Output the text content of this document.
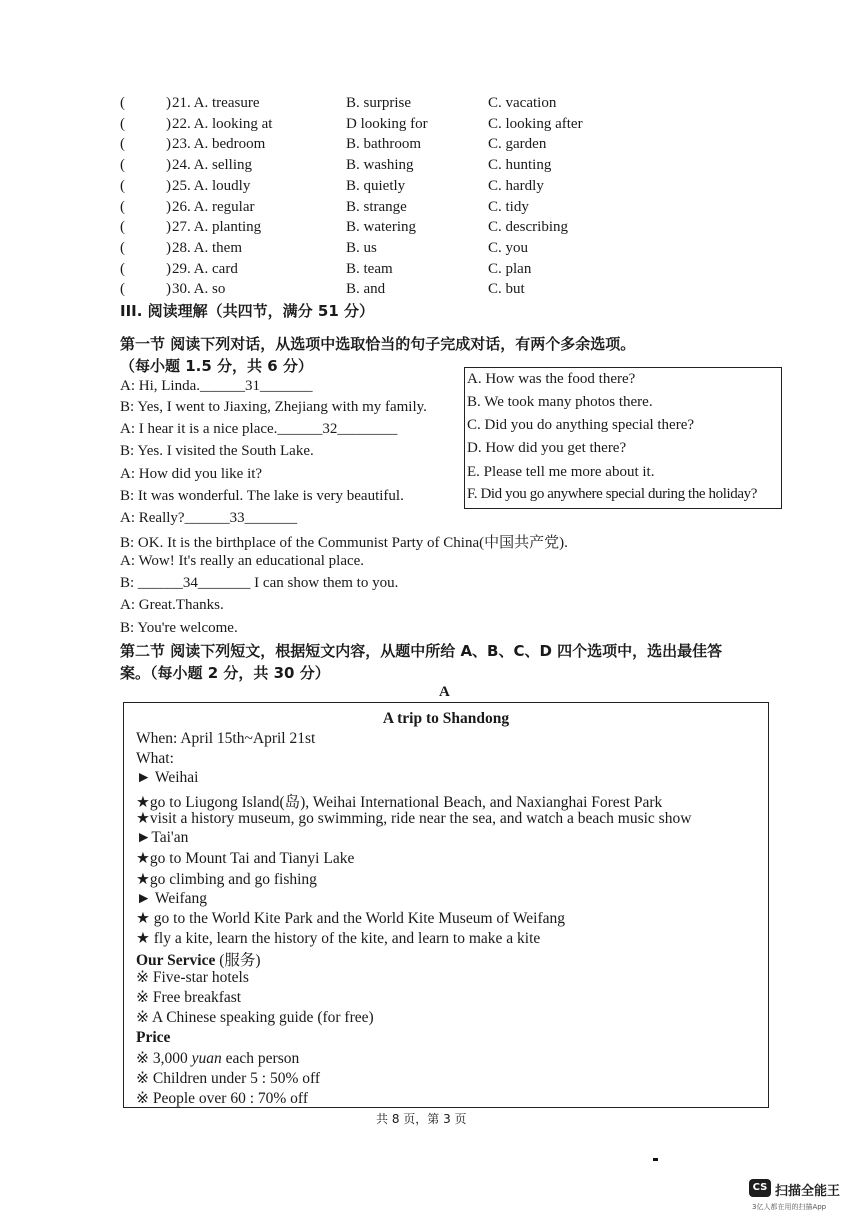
(	) 21. A. treasure	B. surprise	C. vacation
(	) 22. A. looking at	D looking for	C. looking after
(	) 23. A. bedroom	B. bathroom	C. garden
(	) 24. A. selling	B. washing	C. hunting
(	) 25. A. loudly	B. quietly	C. hardly
(	) 26. A. regular	B. strange	C. tidy
(	) 27. A. planting	B. watering	C. describing
(	) 28. A. them	B. us	C. you
(	) 29. A. card	B. team	C. plan
(	) 30. A. so	B. and	C. but
III. 阅读理解（共四节，满分 51 分）
第一节 阅读下列对话，从选项中选取恰当的句子完成对话，有两个多余选项。
（每小题 1.5 分，共 6 分）
A: Hi, Linda.______31_______
B: Yes, I went to Jiaxing, Zhejiang with my family.
A: I hear it is a nice place.______32________
B: Yes. I visited the South Lake.
A: How did you like it?
B: It was wonderful. The lake is very beautiful.
A: Really?______33_______
B: OK. It is the birthplace of the Communist Party of China(中国共产党).
A: Wow! It's really an educational place.
B: ______34_______ I can show them to you.
A: Great.Thanks.
B: You're welcome.
A. How was the food there?
B. We took many photos there.
C. Did you do anything special there?
D. How did you get there?
E. Please tell me more about it.
F. Did you go anywhere special during the holiday?
第二节 阅读下列短文，根据短文内容，从题中所给 A、B、C、D 四个选项中，选出最佳答
案。（每小题 2 分，共 30 分）
A
A trip to Shandong
When: April 15th~April 21st
What:
► Weihai
★go to Liugong Island(岛), Weihai International Beach, and Naxianghai Forest Park
★visit a history museum, go swimming, ride near the sea, and watch a beach music show
►Tai'an
★go to Mount Tai and Tianyi Lake
★go climbing and go fishing
► Weifang
★ go to the World Kite Park and the World Kite Museum of Weifang
★ fly a kite, learn the history of the kite, and learn to make a kite
Our Service (服务)
※ Five-star hotels
※ Free breakfast
※ A Chinese speaking guide (for free)
Price
※ 3,000 yuan each person
※ Children under 5 : 50% off
※ People over 60 : 70% off
共 8 页，第 3 页
CS 扫描全能王
3亿人都在用的扫描App
